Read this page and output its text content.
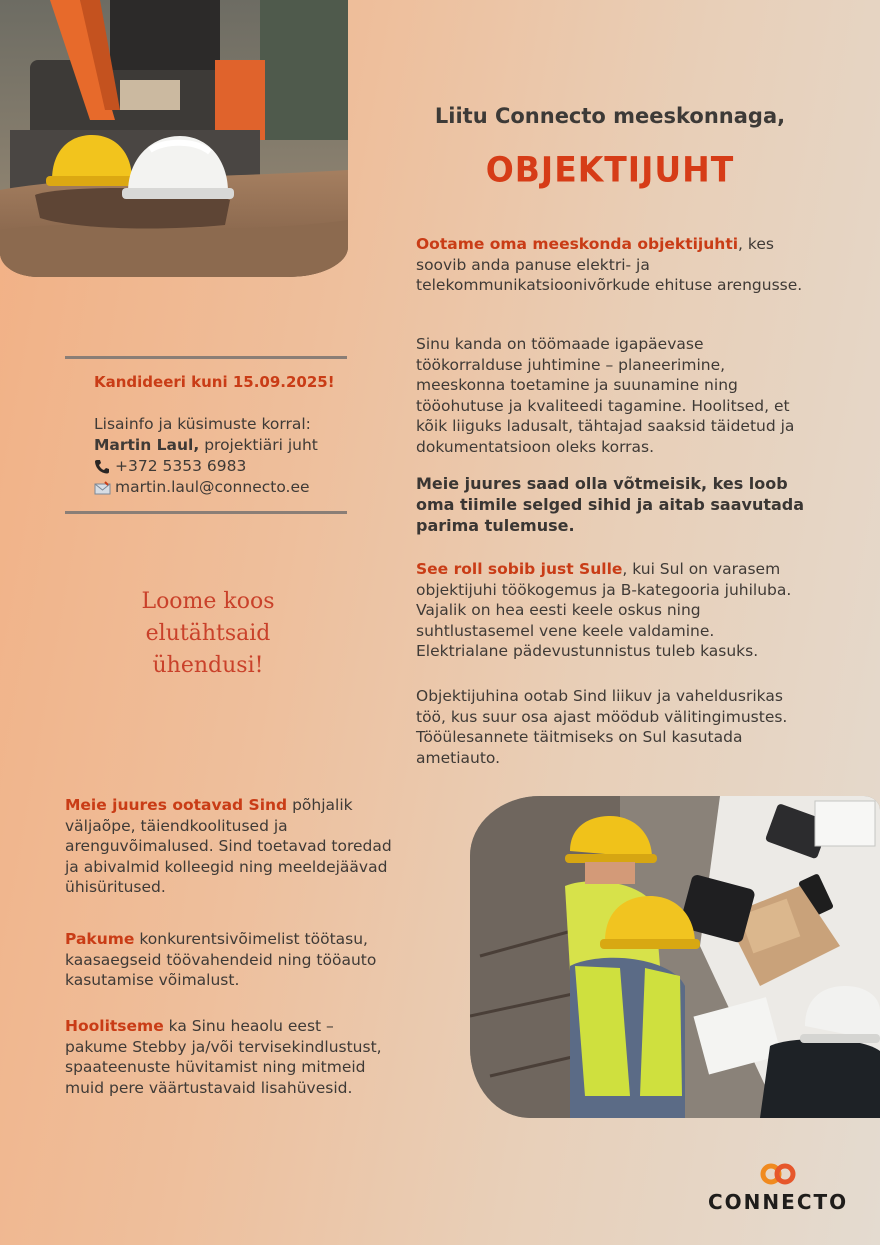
Liitu Connecto meeskonnaga,
OBJEKTIJUHT
Ootame oma meeskonda objektijuhti, kes soovib anda panuse elektri- ja telekommunikatsioonivõrkude ehituse arengusse.
Sinu kanda on töömaade igapäevase töökorralduse juhtimine – planeerimine, meeskonna toetamine ja suunamine ning tööohutuse ja kvaliteedi tagamine. Hoolitsed, et kõik liiguks ladusalt, tähtajad saaksid täidetud ja dokumentatsioon oleks korras.
Meie juures saad olla võtmeisik, kes loob oma tiimile selged sihid ja aitab saavutada parima tulemuse.
See roll sobib just Sulle, kui Sul on varasem objektijuhi töökogemus ja B-kategooria juhiluba. Vajalik on hea eesti keele oskus ning suhtlustasemel vene keele valdamine. Elektrialane pädevustunnistus tuleb kasuks.
Objektijuhina ootab Sind liikuv ja vaheldusrikas töö, kus suur osa ajast möödub välitingimustes. Tööülesannete täitmiseks on Sul kasutada ametiauto.
Kandideeri kuni 15.09.2025!
Lisainfo ja küsimuste korral:
Martin Laul, projektiäri juht
+372 5353 6983
martin.laul@connecto.ee
Loome koos elutähtsaid ühendusi!
Meie juures ootavad Sind põhjalik väljaõpe, täiendkoolitused ja arenguvõimalused. Sind toetavad toredad ja abivalmid kolleegid ning meeldejäävad ühisüritused.
Pakume konkurentsivõimelist töötasu, kaasaegseid töövahendeid ning tööauto kasutamise võimalust.
Hoolitseme ka Sinu heaolu eest – pakume Stebby ja/või tervisekindlustust, spaateenuste hüvitamist ning mitmeid muid pere väärtustavaid lisahüvesid.
CONNECTO
